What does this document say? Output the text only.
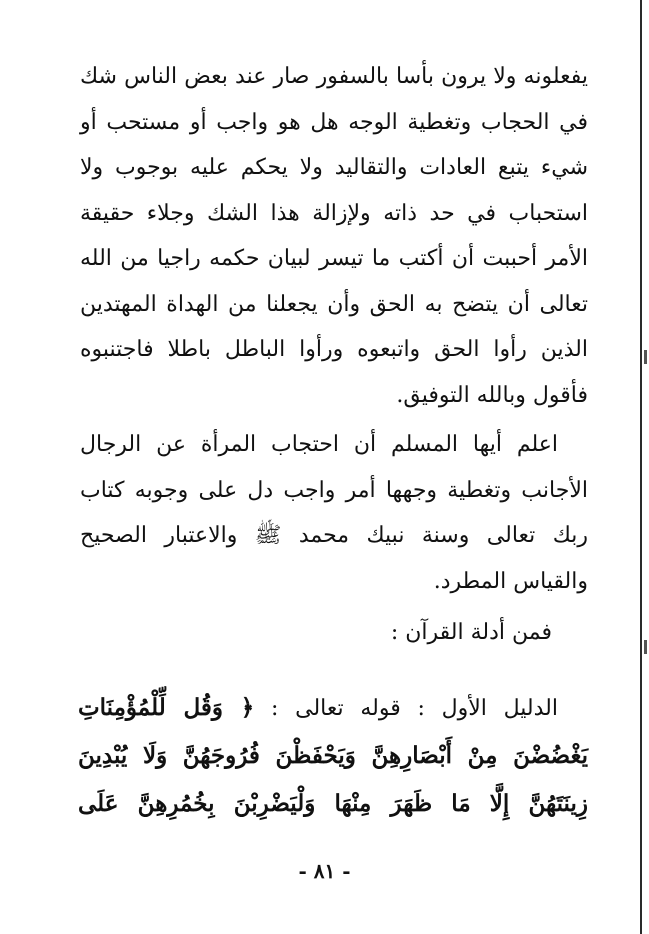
يفعلونه ولا يرون بأسا بالسفور صار عند بعض الناس شك في الحجاب وتغطية الوجه هل هو واجب أو مستحب أو شيء يتبع العادات والتقاليد ولا يحكم عليه بوجوب ولا استحباب في حد ذاته ولإزالة هذا الشك وجلاء حقيقة الأمر أحببت أن أكتب ما تيسر لبيان حكمه راجيا من الله تعالى أن يتضح به الحق وأن يجعلنا من الهداة المهتدين الذين رأوا الحق واتبعوه ورأوا الباطل باطلا فاجتنبوه فأقول وبالله التوفيق.

اعلم أيها المسلم أن احتجاب المرأة عن الرجال الأجانب وتغطية وجهها أمر واجب دل على وجوبه كتاب ربك تعالى وسنة نبيك محمد ﷺ والاعتبار الصحيح والقياس المطرد.

فمن أدلة القرآن :

الدليل الأول : قوله تعالى : ﴿ وَقُل لِّلْمُؤْمِنَاتِ يَغْضُضْنَ مِنْ أَبْصَارِهِنَّ وَيَحْفَظْنَ فُرُوجَهُنَّ وَلَا يُبْدِينَ زِينَتَهُنَّ إِلَّا مَا ظَهَرَ مِنْهَا وَلْيَضْرِبْنَ بِخُمُرِهِنَّ عَلَى

- ٨١ -
